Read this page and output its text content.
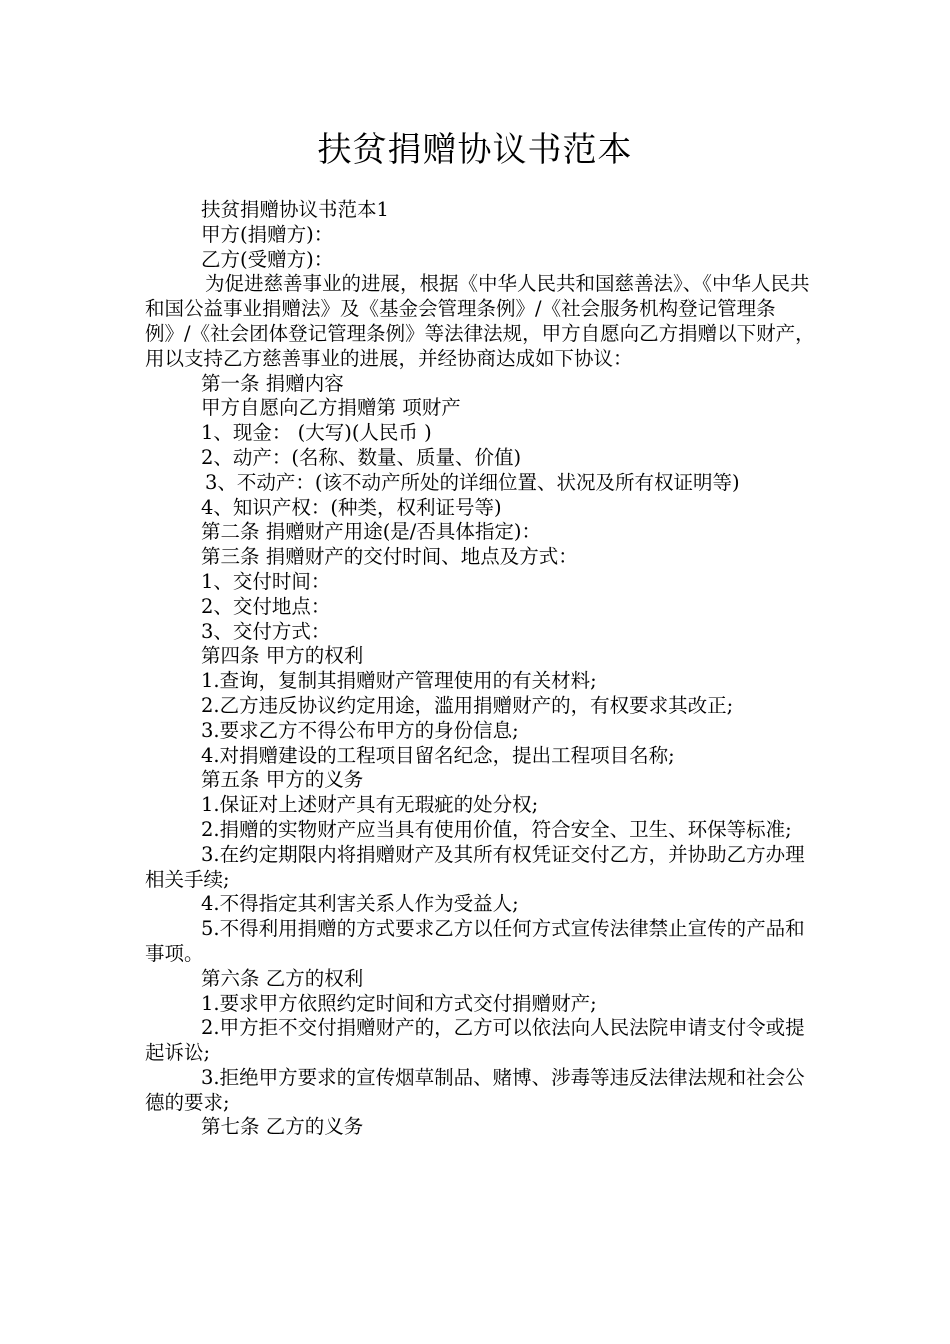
扶贫捐赠协议书范本

扶贫捐赠协议书范本1

甲方(捐赠方)：

乙方(受赠方)：

为促进慈善事业的进展，根据《中华人民共和国慈善法》、《中华人民共和国公益事业捐赠法》及《基金会管理条例》/《社会服务机构登记管理条例》/《社会团体登记管理条例》等法律法规，甲方自愿向乙方捐赠以下财产，用以支持乙方慈善事业的进展，并经协商达成如下协议：

第一条 捐赠内容

甲方自愿向乙方捐赠第 项财产

1、现金： (大写)(人民币 )

2、动产：(名称、数量、质量、价值)

3、不动产：(该不动产所处的详细位置、状况及所有权证明等)

4、知识产权：(种类，权利证号等)

第二条 捐赠财产用途(是/否具体指定)：

第三条 捐赠财产的交付时间、地点及方式：

1、交付时间：

2、交付地点：

3、交付方式：

第四条 甲方的权利

1.查询，复制其捐赠财产管理使用的有关材料;

2.乙方违反协议约定用途，滥用捐赠财产的，有权要求其改正;

3.要求乙方不得公布甲方的身份信息;

4.对捐赠建设的工程项目留名纪念，提出工程项目名称;

第五条 甲方的义务

1.保证对上述财产具有无瑕疵的处分权;

2.捐赠的实物财产应当具有使用价值，符合安全、卫生、环保等标准;

3.在约定期限内将捐赠财产及其所有权凭证交付乙方，并协助乙方办理相关手续;

4.不得指定其利害关系人作为受益人;

5.不得利用捐赠的方式要求乙方以任何方式宣传法律禁止宣传的产品和事项。

第六条 乙方的权利

1.要求甲方依照约定时间和方式交付捐赠财产;

2.甲方拒不交付捐赠财产的，乙方可以依法向人民法院申请支付令或提起诉讼;

3.拒绝甲方要求的宣传烟草制品、赌博、涉毒等违反法律法规和社会公德的要求;

第七条 乙方的义务
